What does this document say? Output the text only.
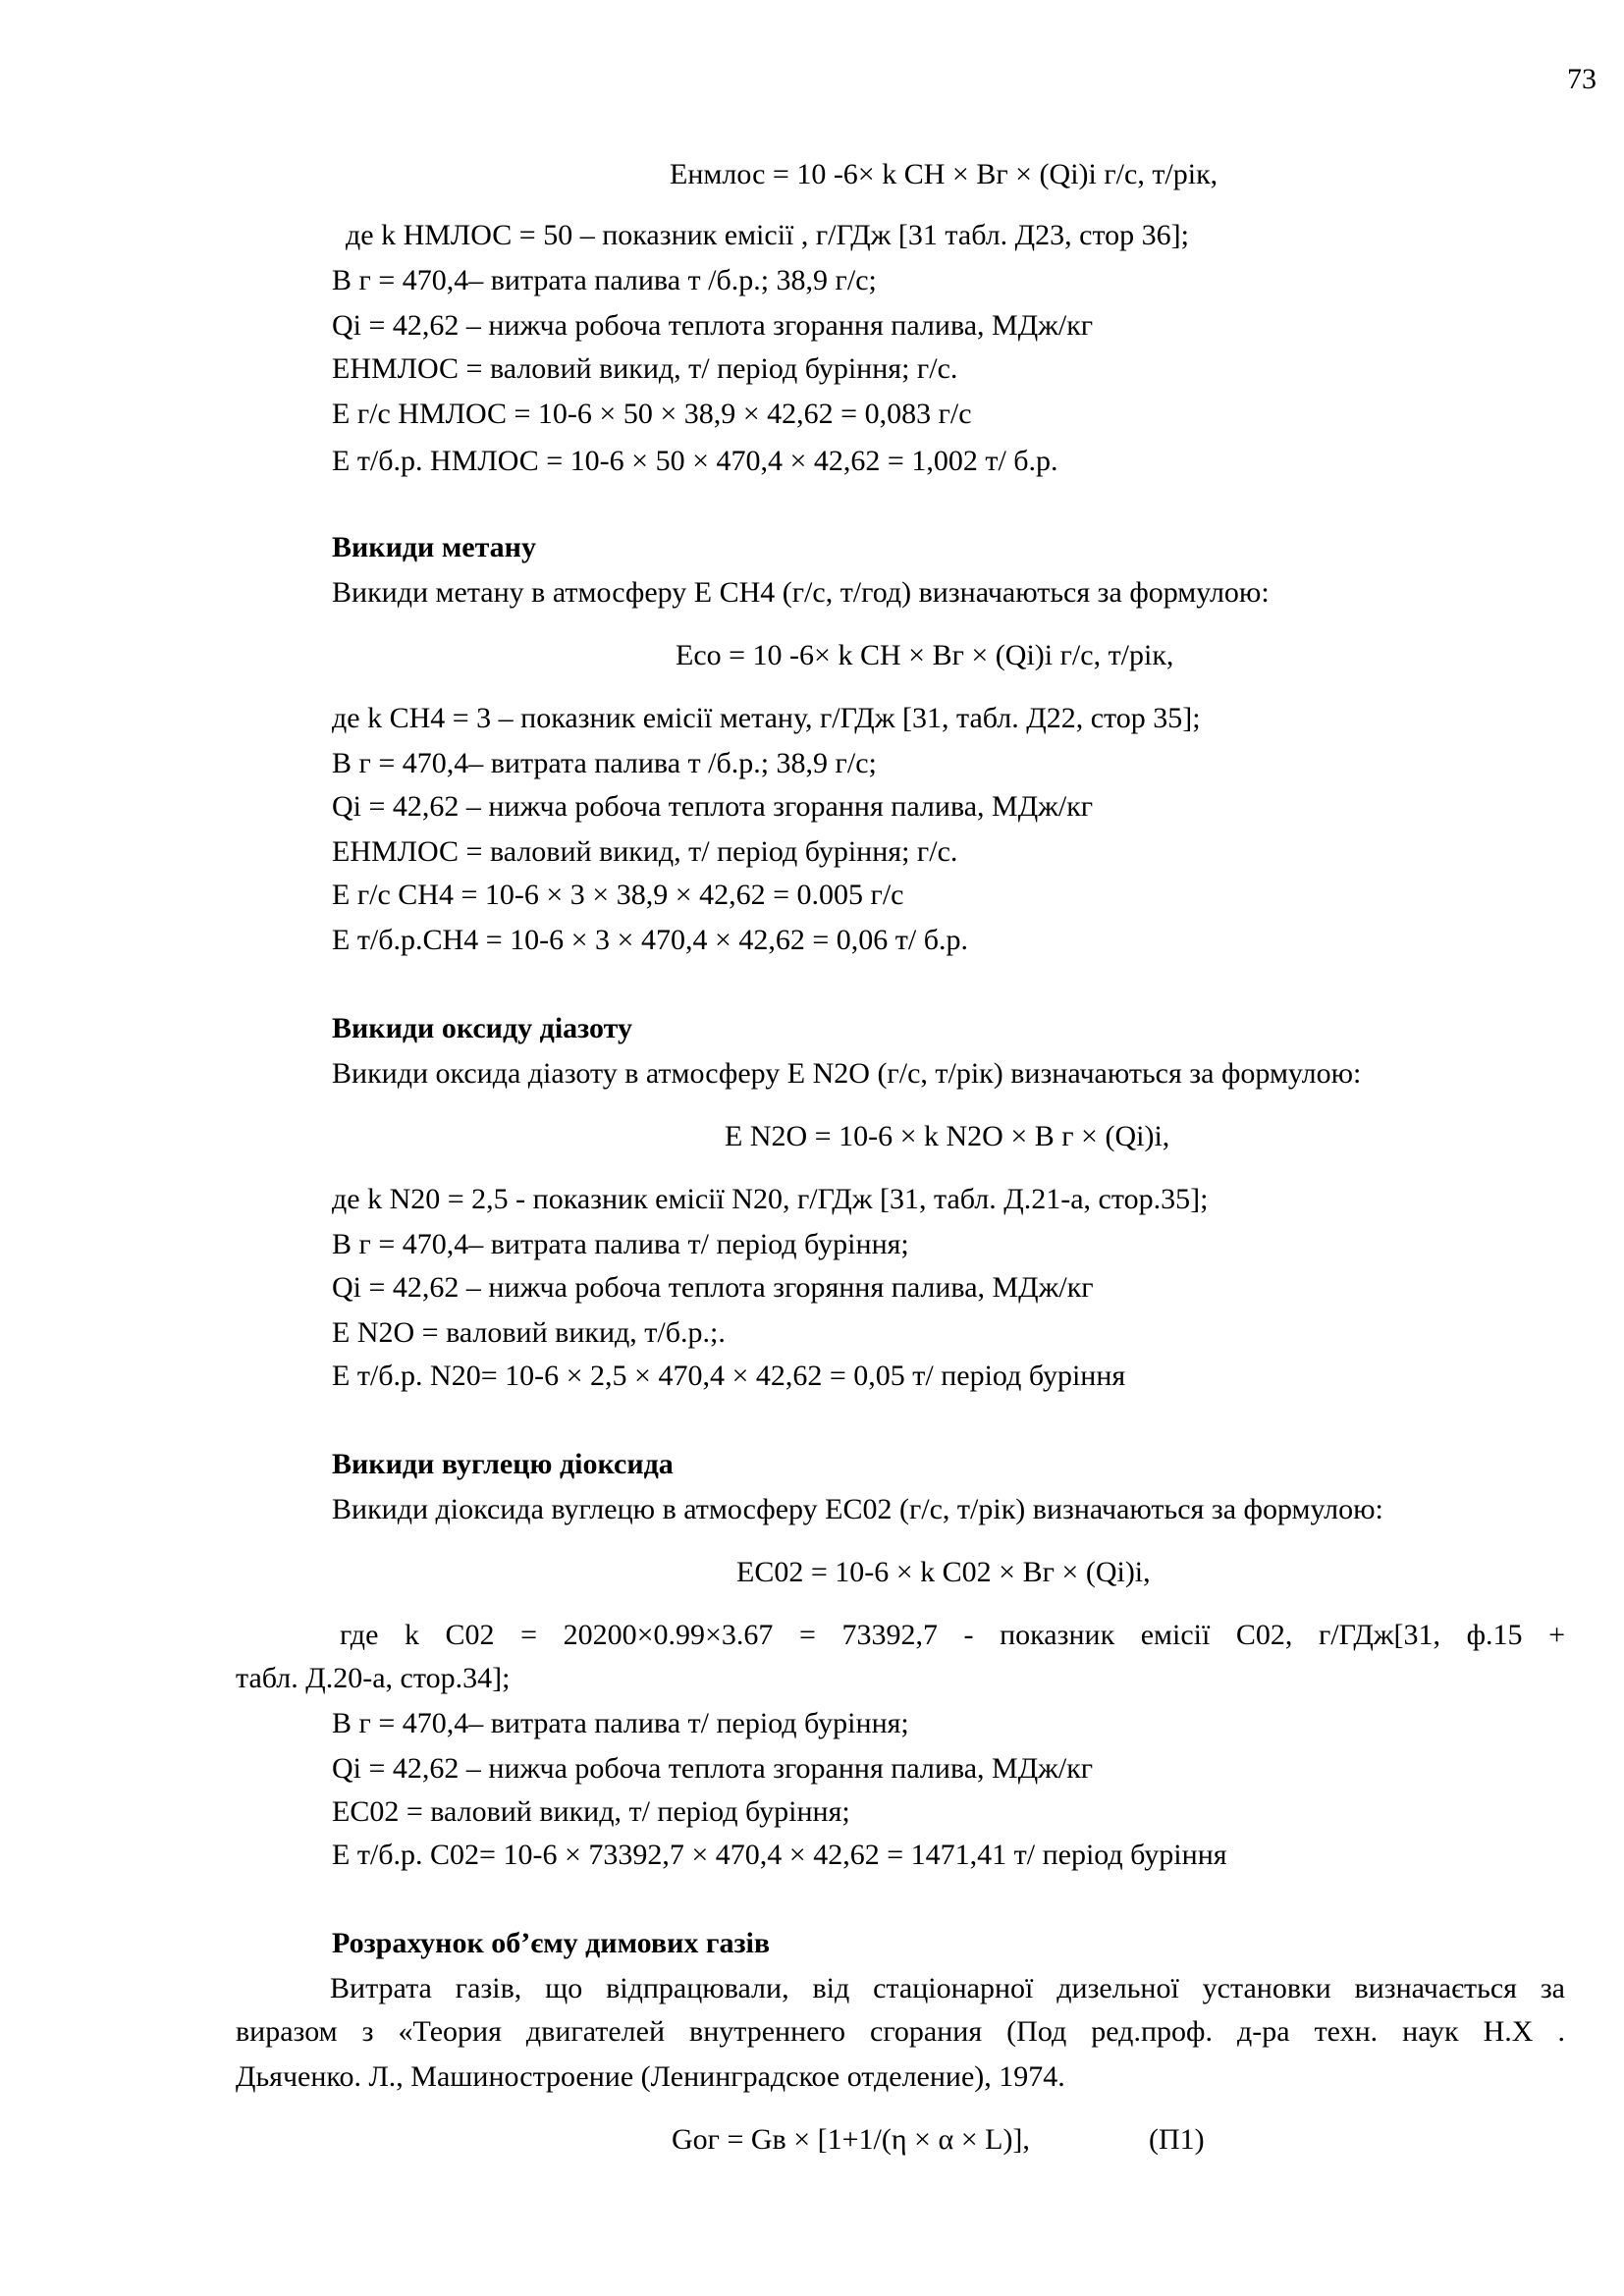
73
Eнмлос = 10 -6× k CH × Bг × (Qi)i г/с, т/рік,
де k НМЛОС = 50 – показник емісії , г/ГДж [31 табл. Д23, стор 36];
В г = 470,4– витрата палива т /б.р.; 38,9 г/с;
Qi = 42,62 – нижча робоча теплота згорання палива, МДж/кг
ЕНМЛОС = валовий викид, т/ період буріння; г/с.
Е г/с НМЛОС = 10-6 × 50 × 38,9 × 42,62 = 0,083 г/с
Е т/б.р. НМЛОС = 10-6 × 50 × 470,4 × 42,62 = 1,002 т/ б.р.
Викиди метану
Викиди метану в атмосферу Е CH4 (г/с, т/год) визначаються за формулою:
Eco = 10 -6× k CH × Bг × (Qi)i г/с, т/рік,
де k CH4 = 3 – показник емісії метану, г/ГДж [31, табл. Д22, стор 35];
В г = 470,4– витрата палива т /б.р.; 38,9 г/с;
Qi = 42,62 – нижча робоча теплота згорання палива, МДж/кг
ЕНМЛОС = валовий викид, т/ період буріння; г/с.
Е г/с CH4 = 10-6 × 3 × 38,9 × 42,62 = 0.005 г/с
Е т/б.р.CH4 = 10-6 × 3 × 470,4 × 42,62 = 0,06 т/ б.р.
Викиди оксиду діазоту
Викиди оксида діазоту в атмосферу Е N2O (г/с, т/рік) визначаються за формулою:
Е N2O = 10-6 × k N2O × В г × (Qi)i,
де k N20 = 2,5 - показник емісії N20, г/ГДж [31, табл. Д.21-а, стор.35];
В г = 470,4– витрата палива т/ період буріння;
Qi = 42,62 – нижча робоча теплота згоряння палива, МДж/кг
Е N2O = валовий викид, т/б.р.;.
Е т/б.р. N20= 10-6 × 2,5 × 470,4 × 42,62 = 0,05 т/ період буріння
Викиди вуглецю діоксида
Викиди діоксида вуглецю в атмосферу ЕC02 (г/с, т/рік) визначаються за формулою:
ЕC02 = 10-6 × k C02 × Bг × (Qi)i,
где k C02 = 20200×0.99×3.67 = 73392,7 - показник емісії С02, г/ГДж[31, ф.15 +
табл. Д.20-а, стор.34];
В г = 470,4– витрата палива т/ період буріння;
Qi = 42,62 – нижча робоча теплота згорання палива, МДж/кг
ЕC02 = валовий викид, т/ період буріння;
Е т/б.р. C02= 10-6 × 73392,7 × 470,4 × 42,62 = 1471,41 т/ період буріння
Розрахунок об’єму димових газів
Витрата газів, що відпрацювали, від стаціонарної дизельної установки визначається за
виразом з «Теория двигателей внутреннего сгорания (Под ред.проф. д-ра техн. наук Н.Х .
Дьяченко. Л., Машиностроение (Ленинградское отделение), 1974.
Gог = Gв × [1+1/(η × α × L)],	(П1)
